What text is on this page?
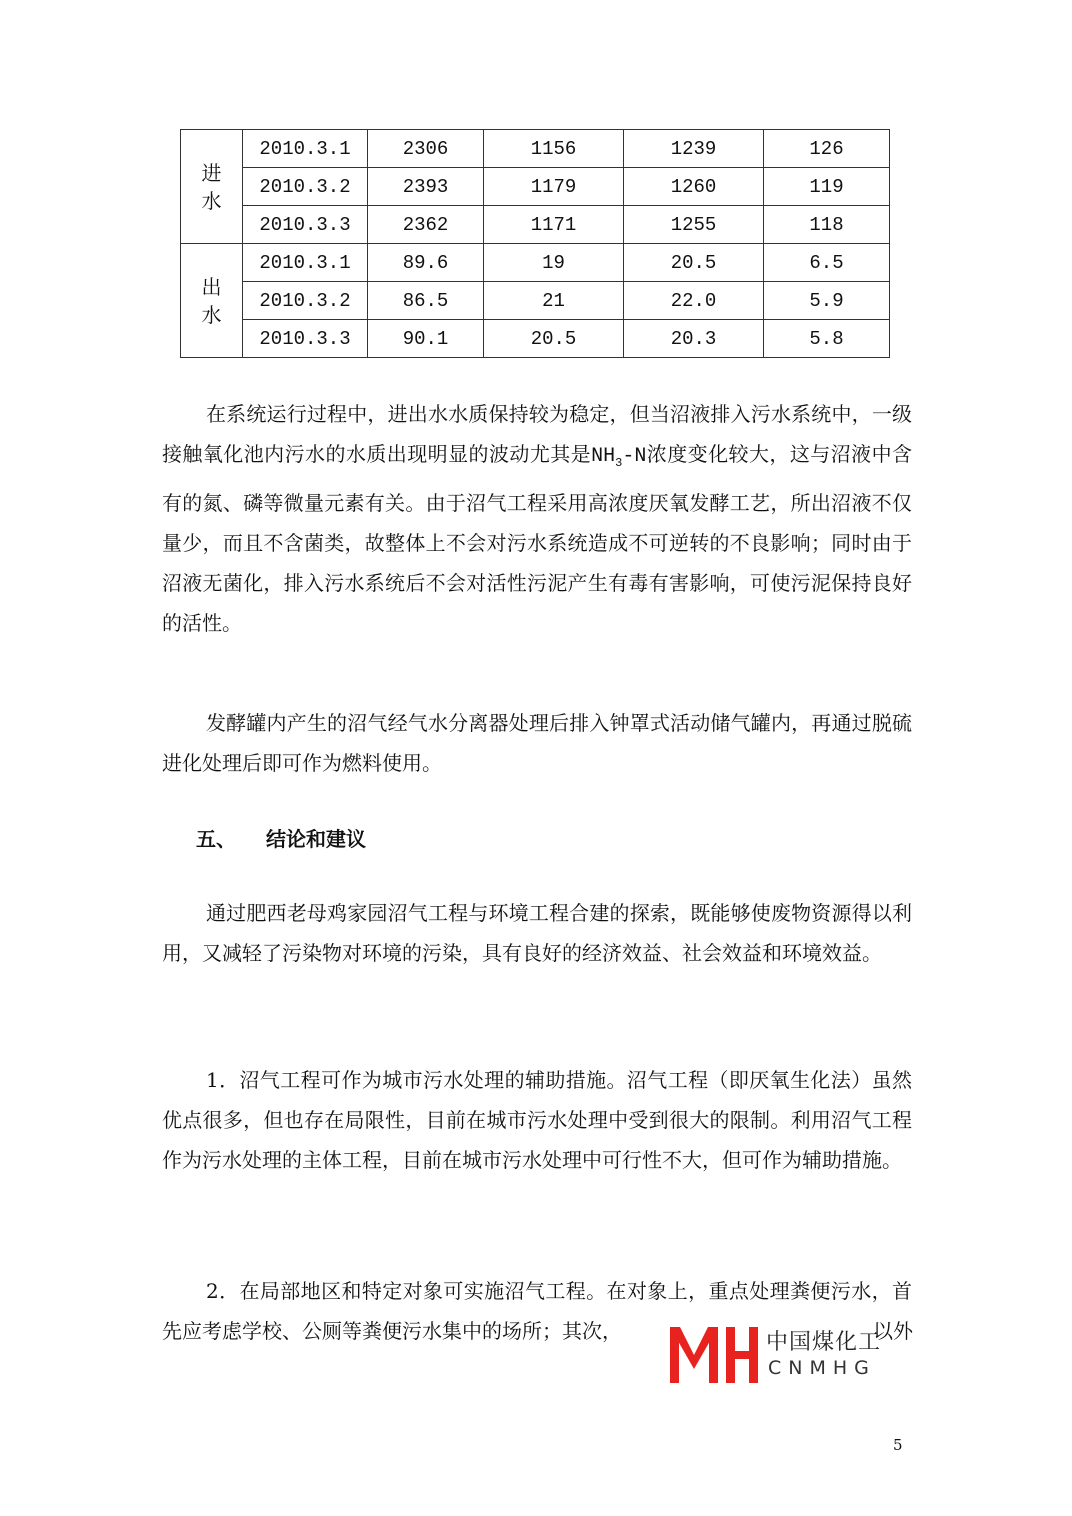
进
水	2010.3.1	2306	1156	1239	126
	2010.3.2	2393	1179	1260	119
	2010.3.3	2362	1171	1255	118
出
水	2010.3.1	89.6	19	20.5	6.5
	2010.3.2	86.5	21	22.0	5.9
	2010.3.3	90.1	20.5	20.3	5.8

在系统运行过程中，进出水水质保持较为稳定，但当沼液排入污水系统中，一级接触氧化池内污水的水质出现明显的波动尤其是$NH_3-N$浓度变化较大，这与沼液中含有的氮、磷等微量元素有关。由于沼气工程采用高浓度厌氧发酵工艺，所出沼液不仅量少，而且不含菌类，故整体上不会对污水系统造成不可逆转的不良影响；同时由于沼液无菌化，排入污水系统后不会对活性污泥产生有毒有害影响，可使污泥保持良好的活性。

发酵罐内产生的沼气经气水分离器处理后排入钟罩式活动储气罐内，再通过脱硫进化处理后即可作为燃料使用。

五、 结论和建议

通过肥西老母鸡家园沼气工程与环境工程合建的探索，既能够使废物资源得以利用，又减轻了污染物对环境的污染，具有良好的经济效益、社会效益和环境效益。

1．沼气工程可作为城市污水处理的辅助措施。沼气工程（即厌氧生化法）虽然优点很多，但也存在局限性，目前在城市污水处理中受到很大的限制。利用沼气工程作为污水处理的主体工程，目前在城市污水处理中可行性不大，但可作为辅助措施。

2．在局部地区和特定对象可实施沼气工程。在对象上，重点处理粪便污水，首先应考虑学校、公厕等粪便污水集中的场所；其次，	以外
中国煤化工
CNMHG
5
